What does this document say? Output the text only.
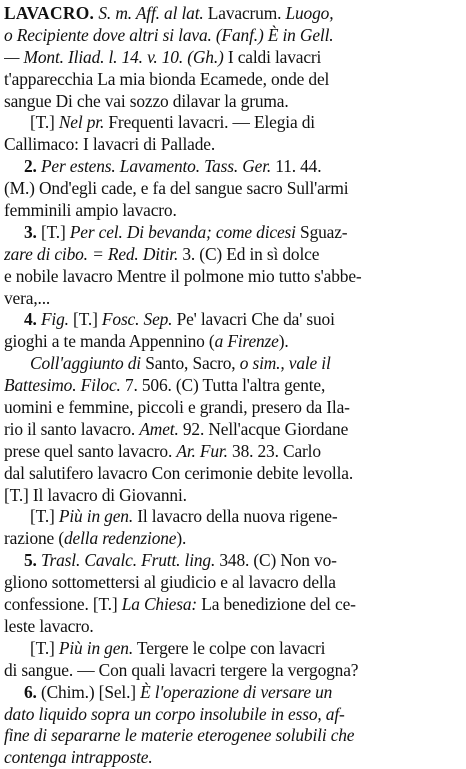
LAVACRO. S. m. Aff. al lat. Lavacrum. Luogo,
o Recipiente dove altri si lava. (Fanf.) È in Gell.
— Mont. Iliad. l. 14. v. 10. (Gh.) I caldi lavacri
t'apparecchia La mia bionda Ecamede, onde del
sangue Di che vai sozzo dilavar la gruma.
[T.] Nel pr. Frequenti lavacri. — Elegia di
Callimaco: I lavacri di Pallade.
2. Per estens. Lavamento. Tass. Ger. 11. 44.
(M.) Ond'egli cade, e fa del sangue sacro Sull'armi
femminili ampio lavacro.
3. [T.] Per cel. Di bevanda; come dicesi Sguaz-
zare di cibo. = Red. Ditir. 3. (C) Ed in sì dolce
e nobile lavacro Mentre il polmone mio tutto s'abbe-
vera,...
4. Fig. [T.] Fosc. Sep. Pe' lavacri Che da' suoi
gioghi a te manda Appennino (a Firenze).
Coll'aggiunto di Santo, Sacro, o sim., vale il
Battesimo. Filoc. 7. 506. (C) Tutta l'altra gente,
uomini e femmine, piccoli e grandi, presero da Ila-
rio il santo lavacro. Amet. 92. Nell'acque Giordane
prese quel santo lavacro. Ar. Fur. 38. 23. Carlo
dal salutifero lavacro Con cerimonie debite levolla.
[T.] Il lavacro di Giovanni.
[T.] Più in gen. Il lavacro della nuova rigene-
razione (della redenzione).
5. Trasl. Cavalc. Frutt. ling. 348. (C) Non vo-
gliono sottomettersi al giudicio e al lavacro della
confessione. [T.] La Chiesa: La benedizione del ce-
leste lavacro.
[T.] Più in gen. Tergere le colpe con lavacri
di sangue. — Con quali lavacri tergere la vergogna?
6. (Chim.) [Sel.] È l'operazione di versare un
dato liquido sopra un corpo insolubile in esso, af-
fine di separarne le materie eterogenee solubili che
contenga intrapposte.
